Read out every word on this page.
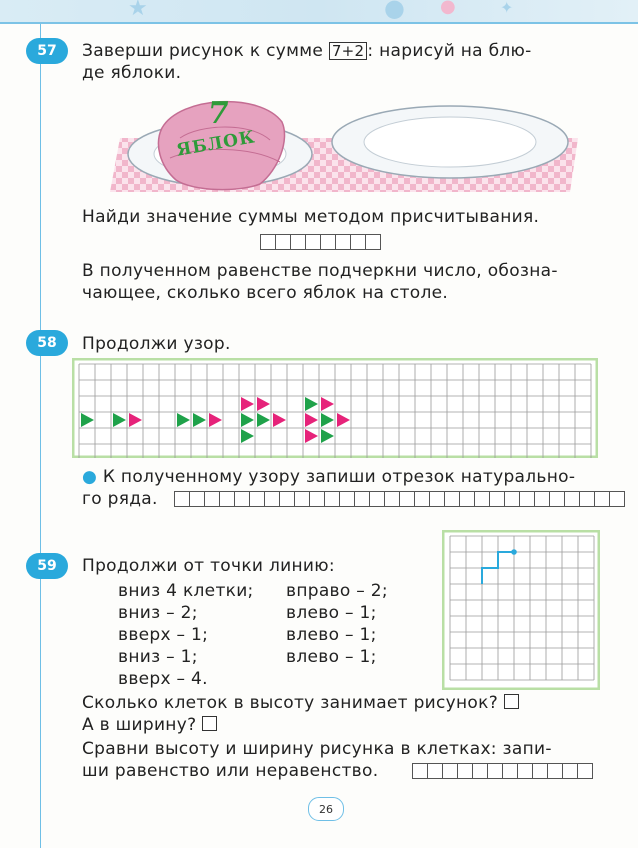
★	● ●	✦
57	Заверши рисунок к сумме 7+2 : нарисуй на блю-
де яблоки.
7
ЯБЛОК
Найди значение суммы методом присчитывания.
В полученном равенстве подчеркни число, обозна-
чающее, сколько всего яблок на столе.
58	Продолжи узор.
● К полученному узору запиши отрезок натурально-
го ряда.
59	Продолжи от точки линию:
вниз 4 клетки;
вниз – 2;
вверх – 1;
вниз – 1;
вверх – 4.
вправо – 2;
влево – 1;
влево – 1;
влево – 1;
Сколько клеток в высоту занимает рисунок?
А в ширину?
Сравни высоту и ширину рисунка в клетках: запи-
ши равенство или неравенство.
26
